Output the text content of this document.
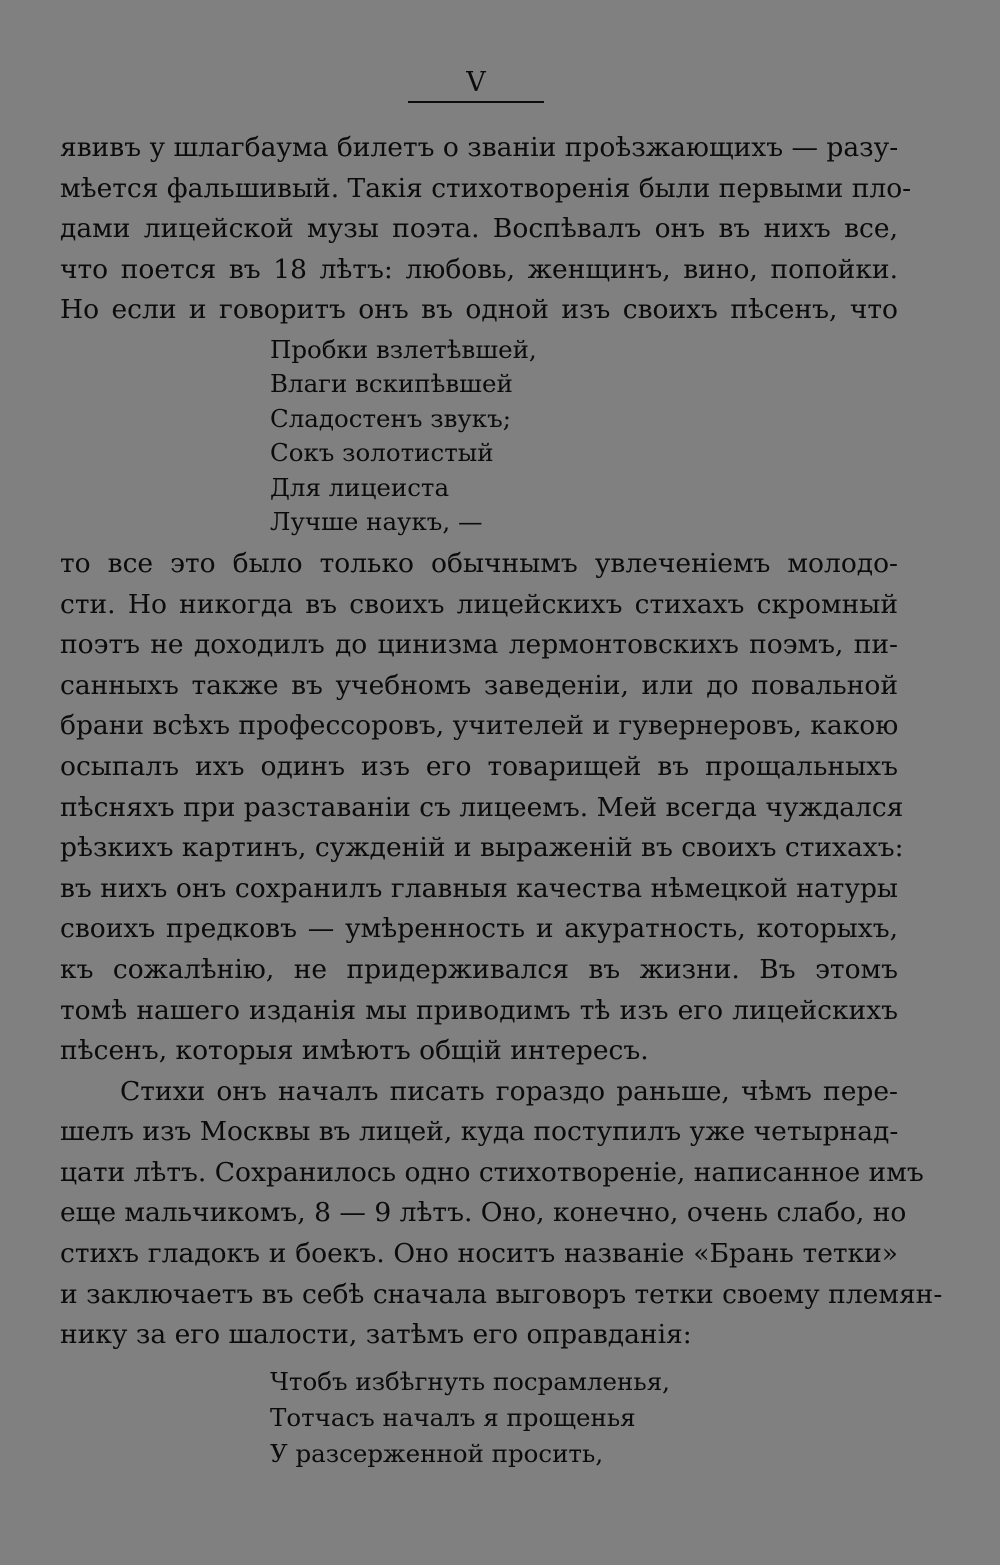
V
явивъ у шлагбаума билетъ о званіи проѣзжающихъ — разу-
мѣется фальшивый. Такія стихотворенія были первыми пло-
дами лицейской музы поэта. Воспѣвалъ онъ въ нихъ все,
что поется въ 18 лѣтъ: любовь, женщинъ, вино, попойки.
Но если и говоритъ онъ въ одной изъ своихъ пѣсенъ, что
Пробки взлетѣвшей,
Влаги вскипѣвшей
Сладостенъ звукъ;
Сокъ золотистый
Для лицеиста
Лучше наукъ, —
то все это было только обычнымъ увлеченіемъ молодо-
сти. Но никогда въ своихъ лицейскихъ стихахъ скромный
поэтъ не доходилъ до цинизма лермонтовскихъ поэмъ, пи-
санныхъ также въ учебномъ заведеніи, или до повальной
брани всѣхъ профессоровъ, учителей и гувернеровъ, какою
осыпалъ ихъ одинъ изъ его товарищей въ прощальныхъ
пѣсняхъ при разставаніи съ лицеемъ. Мей всегда чуждался
рѣзкихъ картинъ, сужденій и выраженій въ своихъ стихахъ:
въ нихъ онъ сохранилъ главныя качества нѣмецкой натуры
своихъ предковъ — умѣренность и акуратность, которыхъ,
къ сожалѣнію, не придерживался въ жизни. Въ этомъ
томѣ нашего изданія мы приводимъ тѣ изъ его лицейскихъ
пѣсенъ, которыя имѣютъ общій интересъ.
Стихи онъ началъ писать гораздо раньше, чѣмъ пере-
шелъ изъ Москвы въ лицей, куда поступилъ уже четырнад-
цати лѣтъ. Сохранилось одно стихотвореніе, написанное имъ
еще мальчикомъ, 8 — 9 лѣтъ. Оно, конечно, очень слабо, но
стихъ гладокъ и боекъ. Оно носитъ названіе «Брань тетки»
и заключаетъ въ себѣ сначала выговоръ тетки своему племян-
нику за его шалости, затѣмъ его оправданія:
Чтобъ избѣгнуть посрамленья,
Тотчасъ началъ я прощенья
У разсерженной просить,
